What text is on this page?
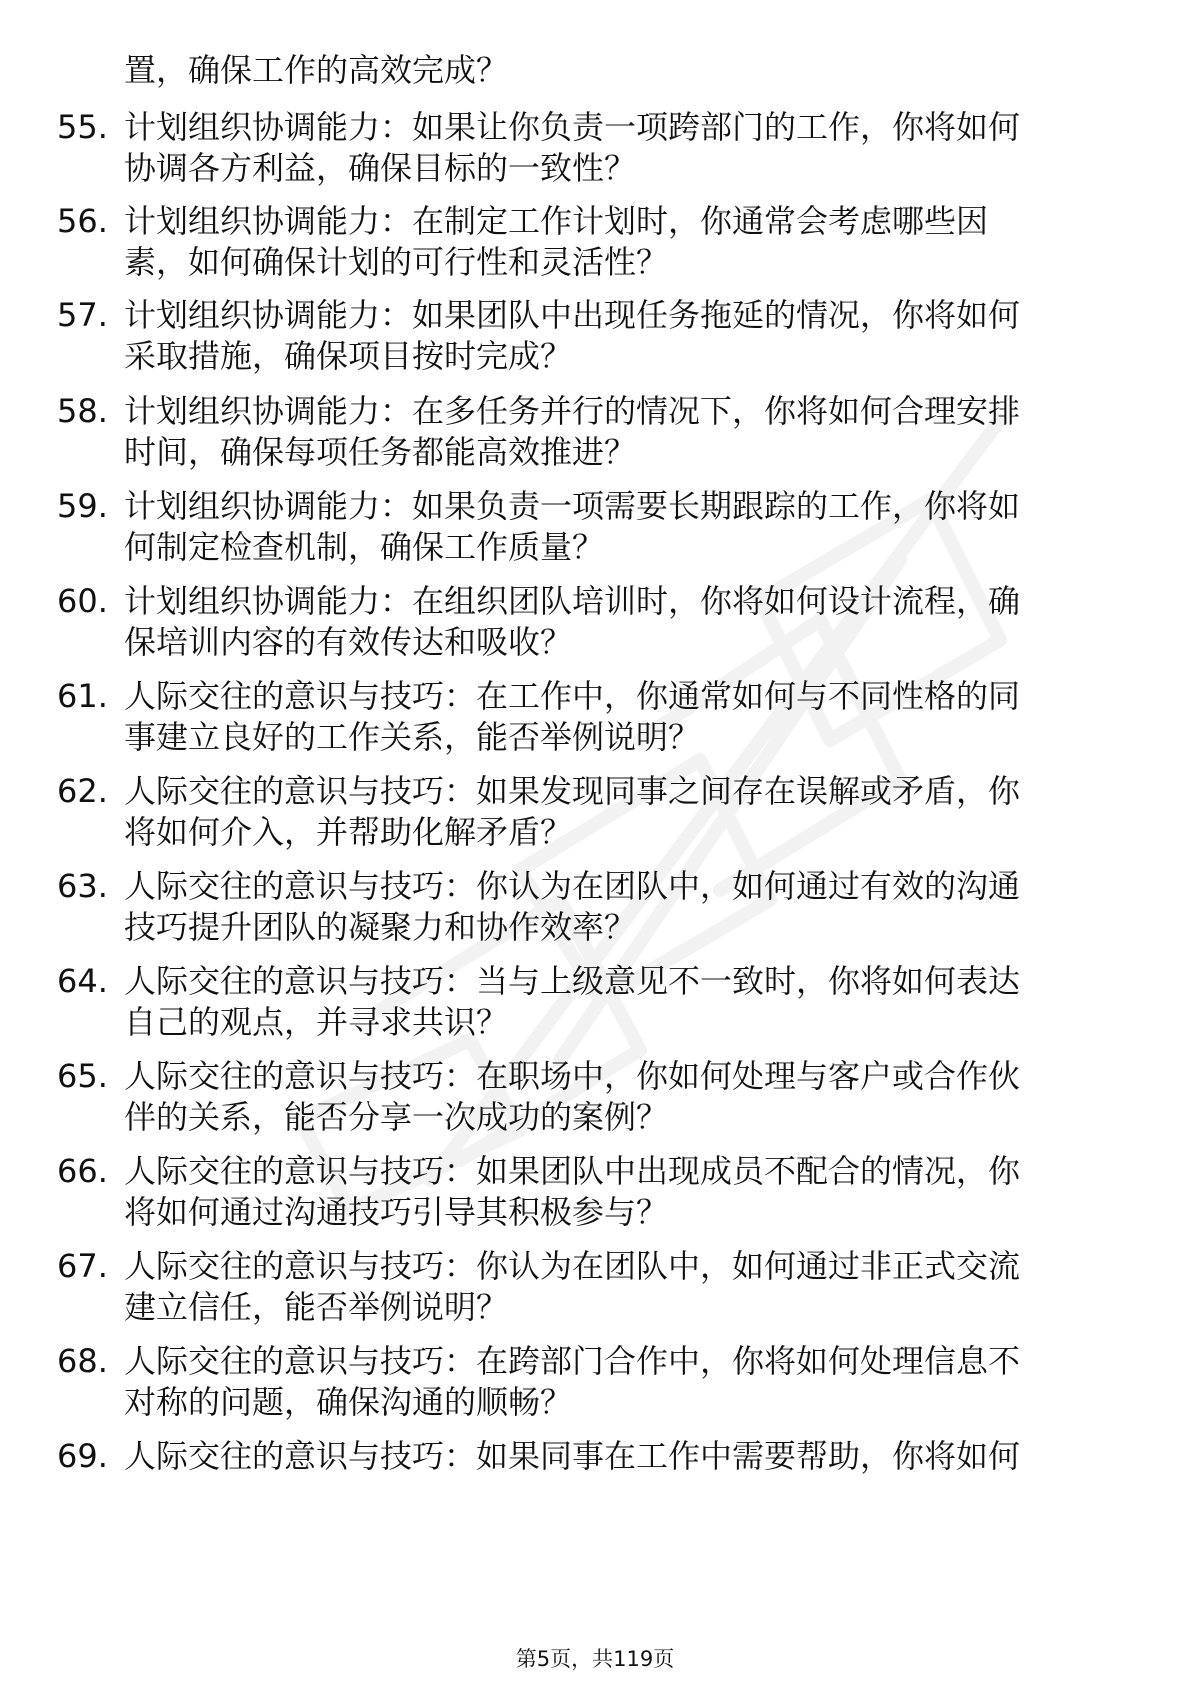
置，确保工作的高效完成？
55. 计划组织协调能力：如果让你负责一项跨部门的工作，你将如何
协调各方利益，确保目标的一致性？
56. 计划组织协调能力：在制定工作计划时，你通常会考虑哪些因
素，如何确保计划的可行性和灵活性？
57. 计划组织协调能力：如果团队中出现任务拖延的情况，你将如何
采取措施，确保项目按时完成？
58. 计划组织协调能力：在多任务并行的情况下，你将如何合理安排
时间，确保每项任务都能高效推进？
59. 计划组织协调能力：如果负责一项需要长期跟踪的工作，你将如
何制定检查机制，确保工作质量？
60. 计划组织协调能力：在组织团队培训时，你将如何设计流程，确
保培训内容的有效传达和吸收？
61. 人际交往的意识与技巧：在工作中，你通常如何与不同性格的同
事建立良好的工作关系，能否举例说明？
62. 人际交往的意识与技巧：如果发现同事之间存在误解或矛盾，你
将如何介入，并帮助化解矛盾？
63. 人际交往的意识与技巧：你认为在团队中，如何通过有效的沟通
技巧提升团队的凝聚力和协作效率？
64. 人际交往的意识与技巧：当与上级意见不一致时，你将如何表达
自己的观点，并寻求共识？
65. 人际交往的意识与技巧：在职场中，你如何处理与客户或合作伙
伴的关系，能否分享一次成功的案例？
66. 人际交往的意识与技巧：如果团队中出现成员不配合的情况，你
将如何通过沟通技巧引导其积极参与？
67. 人际交往的意识与技巧：你认为在团队中，如何通过非正式交流
建立信任，能否举例说明？
68. 人际交往的意识与技巧：在跨部门合作中，你将如何处理信息不
对称的问题，确保沟通的顺畅？
69. 人际交往的意识与技巧：如果同事在工作中需要帮助，你将如何
第5页，共119页
